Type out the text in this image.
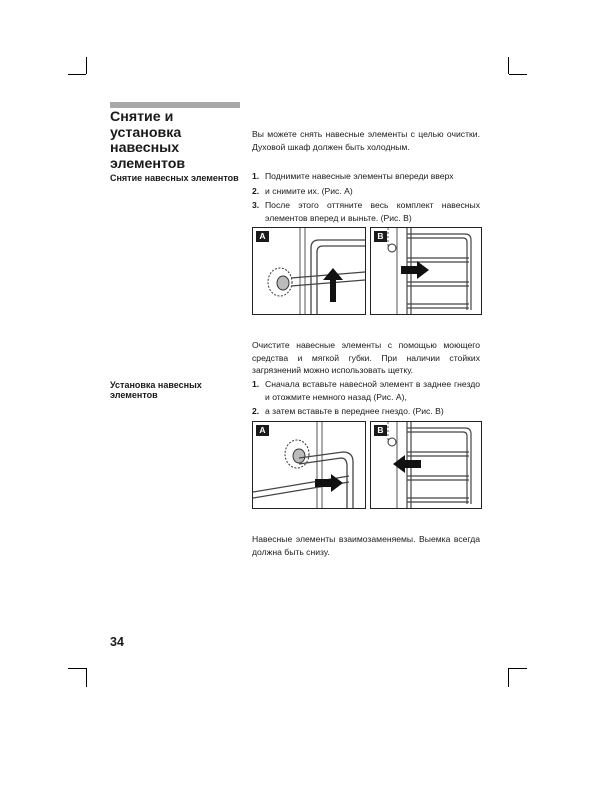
Снятие и установка навесных элементов
Снятие навесных элементов
Вы можете снять навесные элементы с целью очистки. Духовой шкаф должен быть холодным.
1. Поднимите навесные элементы впереди вверх
2. и снимите их. (Рис. A)
3. После этого оттяните весь комплект навесных элементов вперед и выньте. (Рис. B)
A	B
Очистите навесные элементы с помощью моющего средства и мягкой губки. При наличии стойких загрязнений можно использовать щетку.
Установка навесных элементов
1. Сначала вставьте навесной элемент в заднее гнездо и отожмите немного назад (Рис. A),
2. а затем вставьте в переднее гнездо. (Рис. B)
A	B
Навесные элементы взаимозаменяемы. Выемка всегда должна быть снизу.
34
